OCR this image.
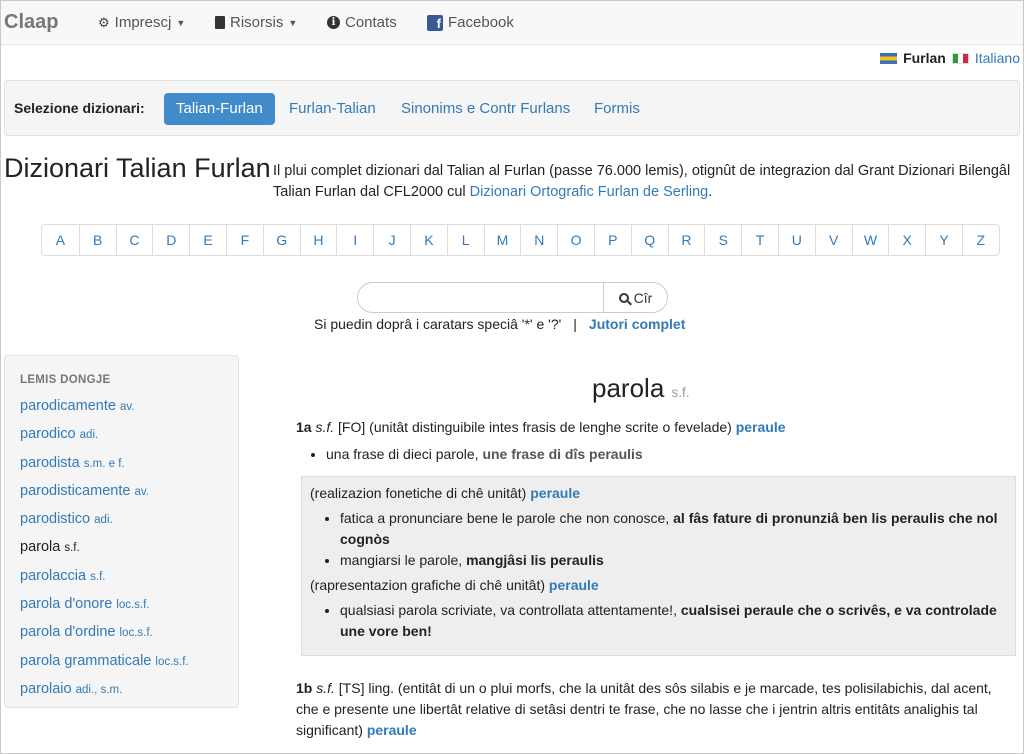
Claap	⚙ Imprescj ▼	Risorsis ▼	i Contats	f Facebook
Furlan Italiano
Selezione dizionari:	Talian-Furlan	Furlan-Talian	Sinonims e Contr Furlans	Formis
Dizionari Talian Furlan Il plui complet dizionari dal Talian al Furlan (passe 76.000 lemis), otignût de integrazion dal Grant Dizionari Bilengâl Talian Furlan dal CFL2000 cul Dizionari Ortografic Furlan de Serling.
A	B	C	D	E	F	G	H	I	J	K	L	M	N	O	P	Q	R	S	T	U	V	W	X	Y	Z
Cîr
Si puedin doprâ i caratars speciâ '*' e '?' | Jutori complet
LEMIS DONGJE
parodicamente av.
parodico adi.
parodista s.m. e f.
parodisticamente av.
parodistico adi.
parola s.f.
parolaccia s.f.
parola d'onore loc.s.f.
parola d'ordine loc.s.f.
parola grammaticale loc.s.f.
parolaio adi., s.m.
parola s.f.

1a s.f. [FO] (unitât distinguibile intes frasis de lenghe scrite o fevelade) peraule

• una frase di dieci parole, une frase di dîs peraulis

(realizazion fonetiche di chê unitât) peraule

• fatica a pronunciare bene le parole che non conosce, al fâs fature di pronunziâ ben lis peraulis che nol cognòs
• mangiarsi le parole, mangjâsi lis peraulis

(rapresentazion grafiche di chê unitât) peraule

• qualsiasi parola scriviate, va controllata attentamente!, cualsisei peraule che o scrivês, e va controlade une vore ben!
1b s.f. [TS] ling. (entitât di un o plui morfs, che la unitât des sôs silabis e je marcade, tes polisilabichis, dal acent, che e presente une libertât relative di setâsi dentri te frase, che no lasse che i jentrin altris entitâts analighis tal significant) peraule
